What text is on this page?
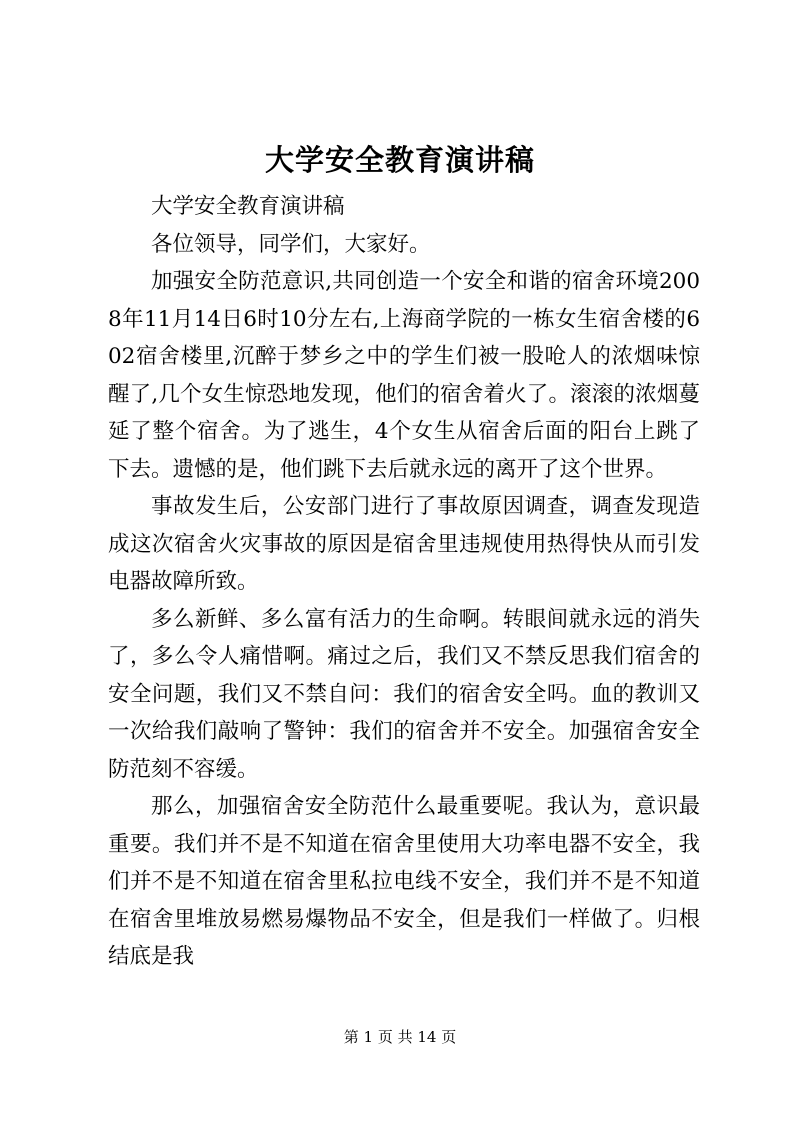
大学安全教育演讲稿

大学安全教育演讲稿

各位领导，同学们，大家好。

加强安全防范意识,共同创造一个安全和谐的宿舍环境2008年11月14日6时10分左右,上海商学院的一栋女生宿舍楼的602宿舍楼里,沉醉于梦乡之中的学生们被一股呛人的浓烟味惊醒了,几个女生惊恐地发现，他们的宿舍着火了。滚滚的浓烟蔓延了整个宿舍。为了逃生，4个女生从宿舍后面的阳台上跳了下去。遗憾的是，他们跳下去后就永远的离开了这个世界。

事故发生后，公安部门进行了事故原因调查，调查发现造成这次宿舍火灾事故的原因是宿舍里违规使用热得快从而引发电器故障所致。

多么新鲜、多么富有活力的生命啊。转眼间就永远的消失了，多么令人痛惜啊。痛过之后，我们又不禁反思我们宿舍的安全问题，我们又不禁自问：我们的宿舍安全吗。血的教训又一次给我们敲响了警钟：我们的宿舍并不安全。加强宿舍安全防范刻不容缓。

那么，加强宿舍安全防范什么最重要呢。我认为，意识最重要。我们并不是不知道在宿舍里使用大功率电器不安全，我们并不是不知道在宿舍里私拉电线不安全，我们并不是不知道在宿舍里堆放易燃易爆物品不安全，但是我们一样做了。归根结底是我

第 1 页 共 14 页
